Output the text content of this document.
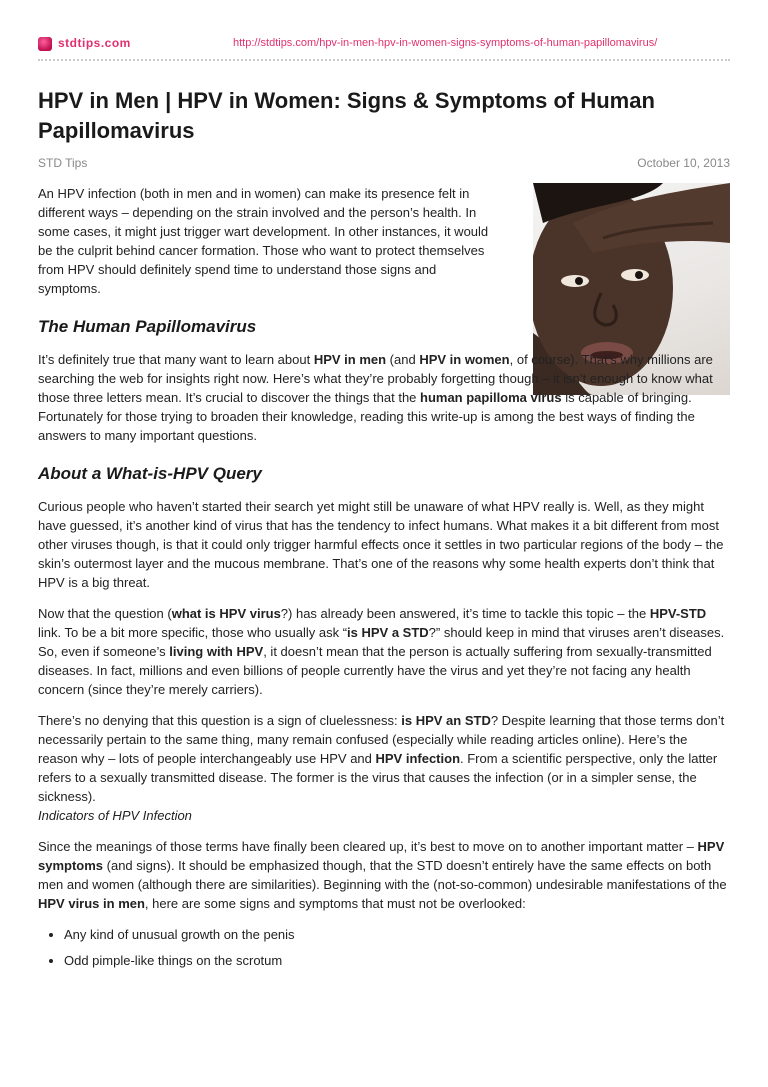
stdtips.com	http://stdtips.com/hpv-in-men-hpv-in-women-signs-symptoms-of-human-papillomavirus/
HPV in Men | HPV in Women: Signs & Symptoms of Human Papillomavirus
STD Tips	October 10, 2013

An HPV infection (both in men and in women) can make its presence felt in different ways – depending on the strain involved and the person’s health. In some cases, it might just trigger wart development. In other instances, it would be the culprit behind cancer formation. Those who want to protect themselves from HPV should definitely spend time to understand those signs and symptoms.

The Human Papillomavirus

It’s definitely true that many want to learn about HPV in men (and HPV in women, of course). That’s why millions are searching the web for insights right now. Here’s what they’re probably forgetting though – it isn’t enough to know what those three letters mean. It’s crucial to discover the things that the human papilloma virus is capable of bringing. Fortunately for those trying to broaden their knowledge, reading this write-up is among the best ways of finding the answers to many important questions.

About a What-is-HPV Query

Curious people who haven’t started their search yet might still be unaware of what HPV really is. Well, as they might have guessed, it’s another kind of virus that has the tendency to infect humans. What makes it a bit different from most other viruses though, is that it could only trigger harmful effects once it settles in two particular regions of the body – the skin’s outermost layer and the mucous membrane. That’s one of the reasons why some health experts don’t think that HPV is a big threat.

Now that the question (what is HPV virus?) has already been answered, it’s time to tackle this topic – the HPV-STD link. To be a bit more specific, those who usually ask “is HPV a STD?” should keep in mind that viruses aren’t diseases. So, even if someone’s living with HPV, it doesn’t mean that the person is actually suffering from sexually-transmitted diseases. In fact, millions and even billions of people currently have the virus and yet they’re not facing any health concern (since they’re merely carriers).

There’s no denying that this question is a sign of cluelessness: is HPV an STD? Despite learning that those terms don’t necessarily pertain to the same thing, many remain confused (especially while reading articles online). Here’s the reason why – lots of people interchangeably use HPV and HPV infection. From a scientific perspective, only the latter refers to a sexually transmitted disease. The former is the virus that causes the infection (or in a simpler sense, the sickness).
Indicators of HPV Infection

Since the meanings of those terms have finally been cleared up, it’s best to move on to another important matter – HPV symptoms (and signs). It should be emphasized though, that the STD doesn’t entirely have the same effects on both men and women (although there are similarities). Beginning with the (not-so-common) undesirable manifestations of the HPV virus in men, here are some signs and symptoms that must not be overlooked:

• Any kind of unusual growth on the penis
• Odd pimple-like things on the scrotum
